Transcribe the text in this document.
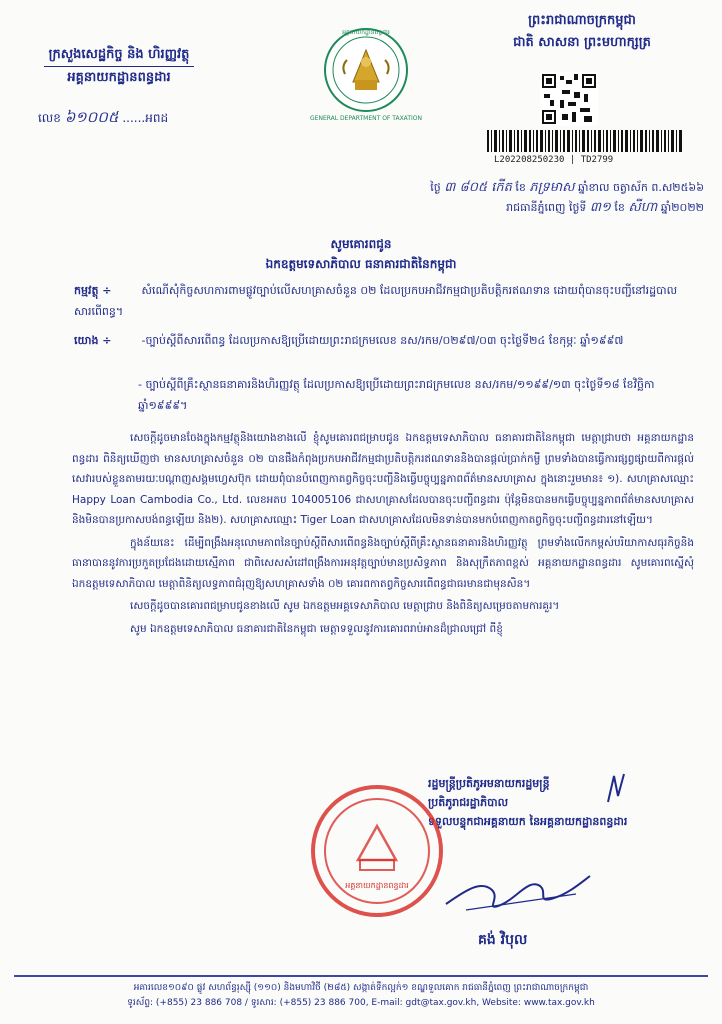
ក្រសួងសេដ្ឋកិច្ច និង ហិរញ្ញវត្ថុ
អគ្គនាយកដ្ឋានពន្ធដារ
លេខ ៦១០០៥ ......អពដ	GENERAL DEPARTMENT OF TAXATION
អគ្គនាយកដ្ឋានពន្ធដារ
ព្រះរាជាណាចក្រកម្ពុជា
ជាតិ សាសនា ព្រះមហាក្សត្រ
L202208250230 | TD2799
ថ្ងៃ ៣ ៨០៥ កើត ខែ ភទ្រមាស ឆ្នាំខាល ចត្វាស័ក ព.ស២៥៦៦
រាជធានីភ្នំពេញ ថ្ងៃទី ៣១ ខែ សីហា ឆ្នាំ២០២២
សូមគោរពជូន
ឯកឧត្ដមទេសាភិបាល ធនាគារជាតិនៃកម្ពុជា
កម្មវត្ថុ ÷	សំណើសុំកិច្ចសហការពាមផ្លូវច្បាប់លើសហគ្រាសចំនួន ០២ ដែលប្រកបអាជីវកម្មជាប្រតិបត្តិករឥណទាន ដោយពុំបានចុះបញ្ជីនៅរដ្ឋបាលសារពើពន្ធ។
យោង ÷	-ច្បាប់ស្ដីពីសារពើពន្ធ ដែលប្រកាសឱ្យប្រើដោយព្រះរាជក្រមលេខ នស/រកម/០២៩៧/០៣ ចុះថ្ងៃទី២៤ ខែកុម្ភៈ ឆ្នាំ១៩៩៧
- ច្បាប់ស្ដីពីគ្រឹះស្ថានធនាគារនិងហិរញ្ញវត្ថុ ដែលប្រកាសឱ្យប្រើដោយព្រះរាជក្រមលេខ នស/រកម/១១៩៩/១៣ ចុះថ្ងៃទី១៨ ខែវិច្ឆិកា ឆ្នាំ១៩៩៩។

សេចក្ដីដូចមានចែងក្នុងកម្មវត្ថុនិងយោងខាងលើ ខ្ញុំសូមគោរពជម្រាបជូន ឯកឧត្ដមទេសាភិបាល ធនាគារជាតិនៃកម្ពុជា មេត្ដាជ្រាបថា អគ្គនាយកដ្ឋានពន្ធដារ ពិនិត្យឃើញថា មានសហគ្រាសចំនួន ០២ បានផឹងកំពុងប្រកបអាជីវកម្មជាប្រតិបត្តិករឥណទាននិងបានផ្ដល់ប្រាក់កម្ចី ព្រមទាំងបានធ្វើការផ្សព្វផ្សាយពីការផ្ដល់សេវារបស់ខ្លួនតាមរយៈបណ្ដាញសង្គមហ្វេសប៊ុក ដោយពុំបានបំពេញកាតព្វកិច្ចចុះបញ្ជីនិងធ្វើបច្ចុប្បន្នភាពព័ត៌មានសហគ្រាស ក្នុងនោះរួមមាន៖ ១). សហគ្រាសឈ្មោះ Happy Loan Cambodia Co., Ltd. លេខអតប 104005106 ជាសហគ្រាសដែលបានចុះបញ្ជីពន្ធដារ ប៉ុន្តែមិនបានមកធ្វើបច្ចុប្បន្នភាពព័ត៌មានសហគ្រាស និងមិនបានប្រកាសបង់ពន្ធឡើយ និង២). សហគ្រាសឈ្មោះ Tiger Loan ជាសហគ្រាសដែលមិនទាន់បានមកបំពេញកាតព្វកិច្ចចុះបញ្ជីពន្ធដារនៅឡើយ។

ក្នុងន័យនេះ ដើម្បីពង្រឹងអនុលោមភាពនៃច្បាប់ស្ដីពីសារពើពន្ធនិងច្បាប់ស្ដីពីគ្រឹះស្ថានធនាគារនិងហិរញ្ញវត្ថុ ព្រមទាំងលើកកម្ពស់បរិយាកាសធុរកិច្ចនិងធានាបាននូវការប្រកួតប្រជែងដោយស្មើភាព ជាពិសេសសំដៅពង្រឹងការអនុវត្តច្បាប់មានប្រសិទ្ធភាព និងសុក្រឹតភាពខ្ពស់ អគ្គនាយកដ្ឋានពន្ធដារ សូមគោរពស្នើសុំឯកឧត្ដមទេសាភិបាល មេត្ដាពិនិត្យលទ្ធភាពជំរុញឱ្យសហគ្រាសទាំង ០២ គោរពកាតព្វកិច្ចសារពើពន្ធជាធរមានជាមុនសិន។

សេចក្ដីដូចបានគោរពជម្រាបជូនខាងលើ សូម ឯកឧត្ដមអគ្គទេសាភិបាល មេត្ដាជ្រាប និងពិនិត្យសម្រេចតាមការគួរ។

សូម ឯកឧត្ដមទេសាភិបាល ធនាគារជាតិនៃកម្ពុជា មេត្ដាទទួលនូវការគោរពរាប់អានដ៏ជ្រាលជ្រៅ ពីខ្ញុំ

រដ្ឋមន្ត្រីប្រតិភូអមនាយករដ្ឋមន្ត្រី
ប្រតិភូរាជរដ្ឋាភិបាល
ទទួលបន្ទុកជាអគ្គនាយក នៃអគ្គនាយកដ្ឋានពន្ធដារ
អគ្គនាយកដ្ឋានពន្ធដារ
គង់ វិបុល
អគារលេខ១០៩០ ផ្លូវ សហព័ន្ធរុស្ស៊ី (១១០) និងមហាវិថី (២៨៥) សង្កាត់ទឹកល្អក់១ ខណ្ឌទួលគោក រាជធានីភ្នំពេញ ព្រះរាជាណាចក្រកម្ពុជា
ទូរស័ព្ទ: (+855) 23 886 708 / ទូរសារ: (+855) 23 886 700, E-mail: gdt@tax.gov.kh, Website: www.tax.gov.kh
